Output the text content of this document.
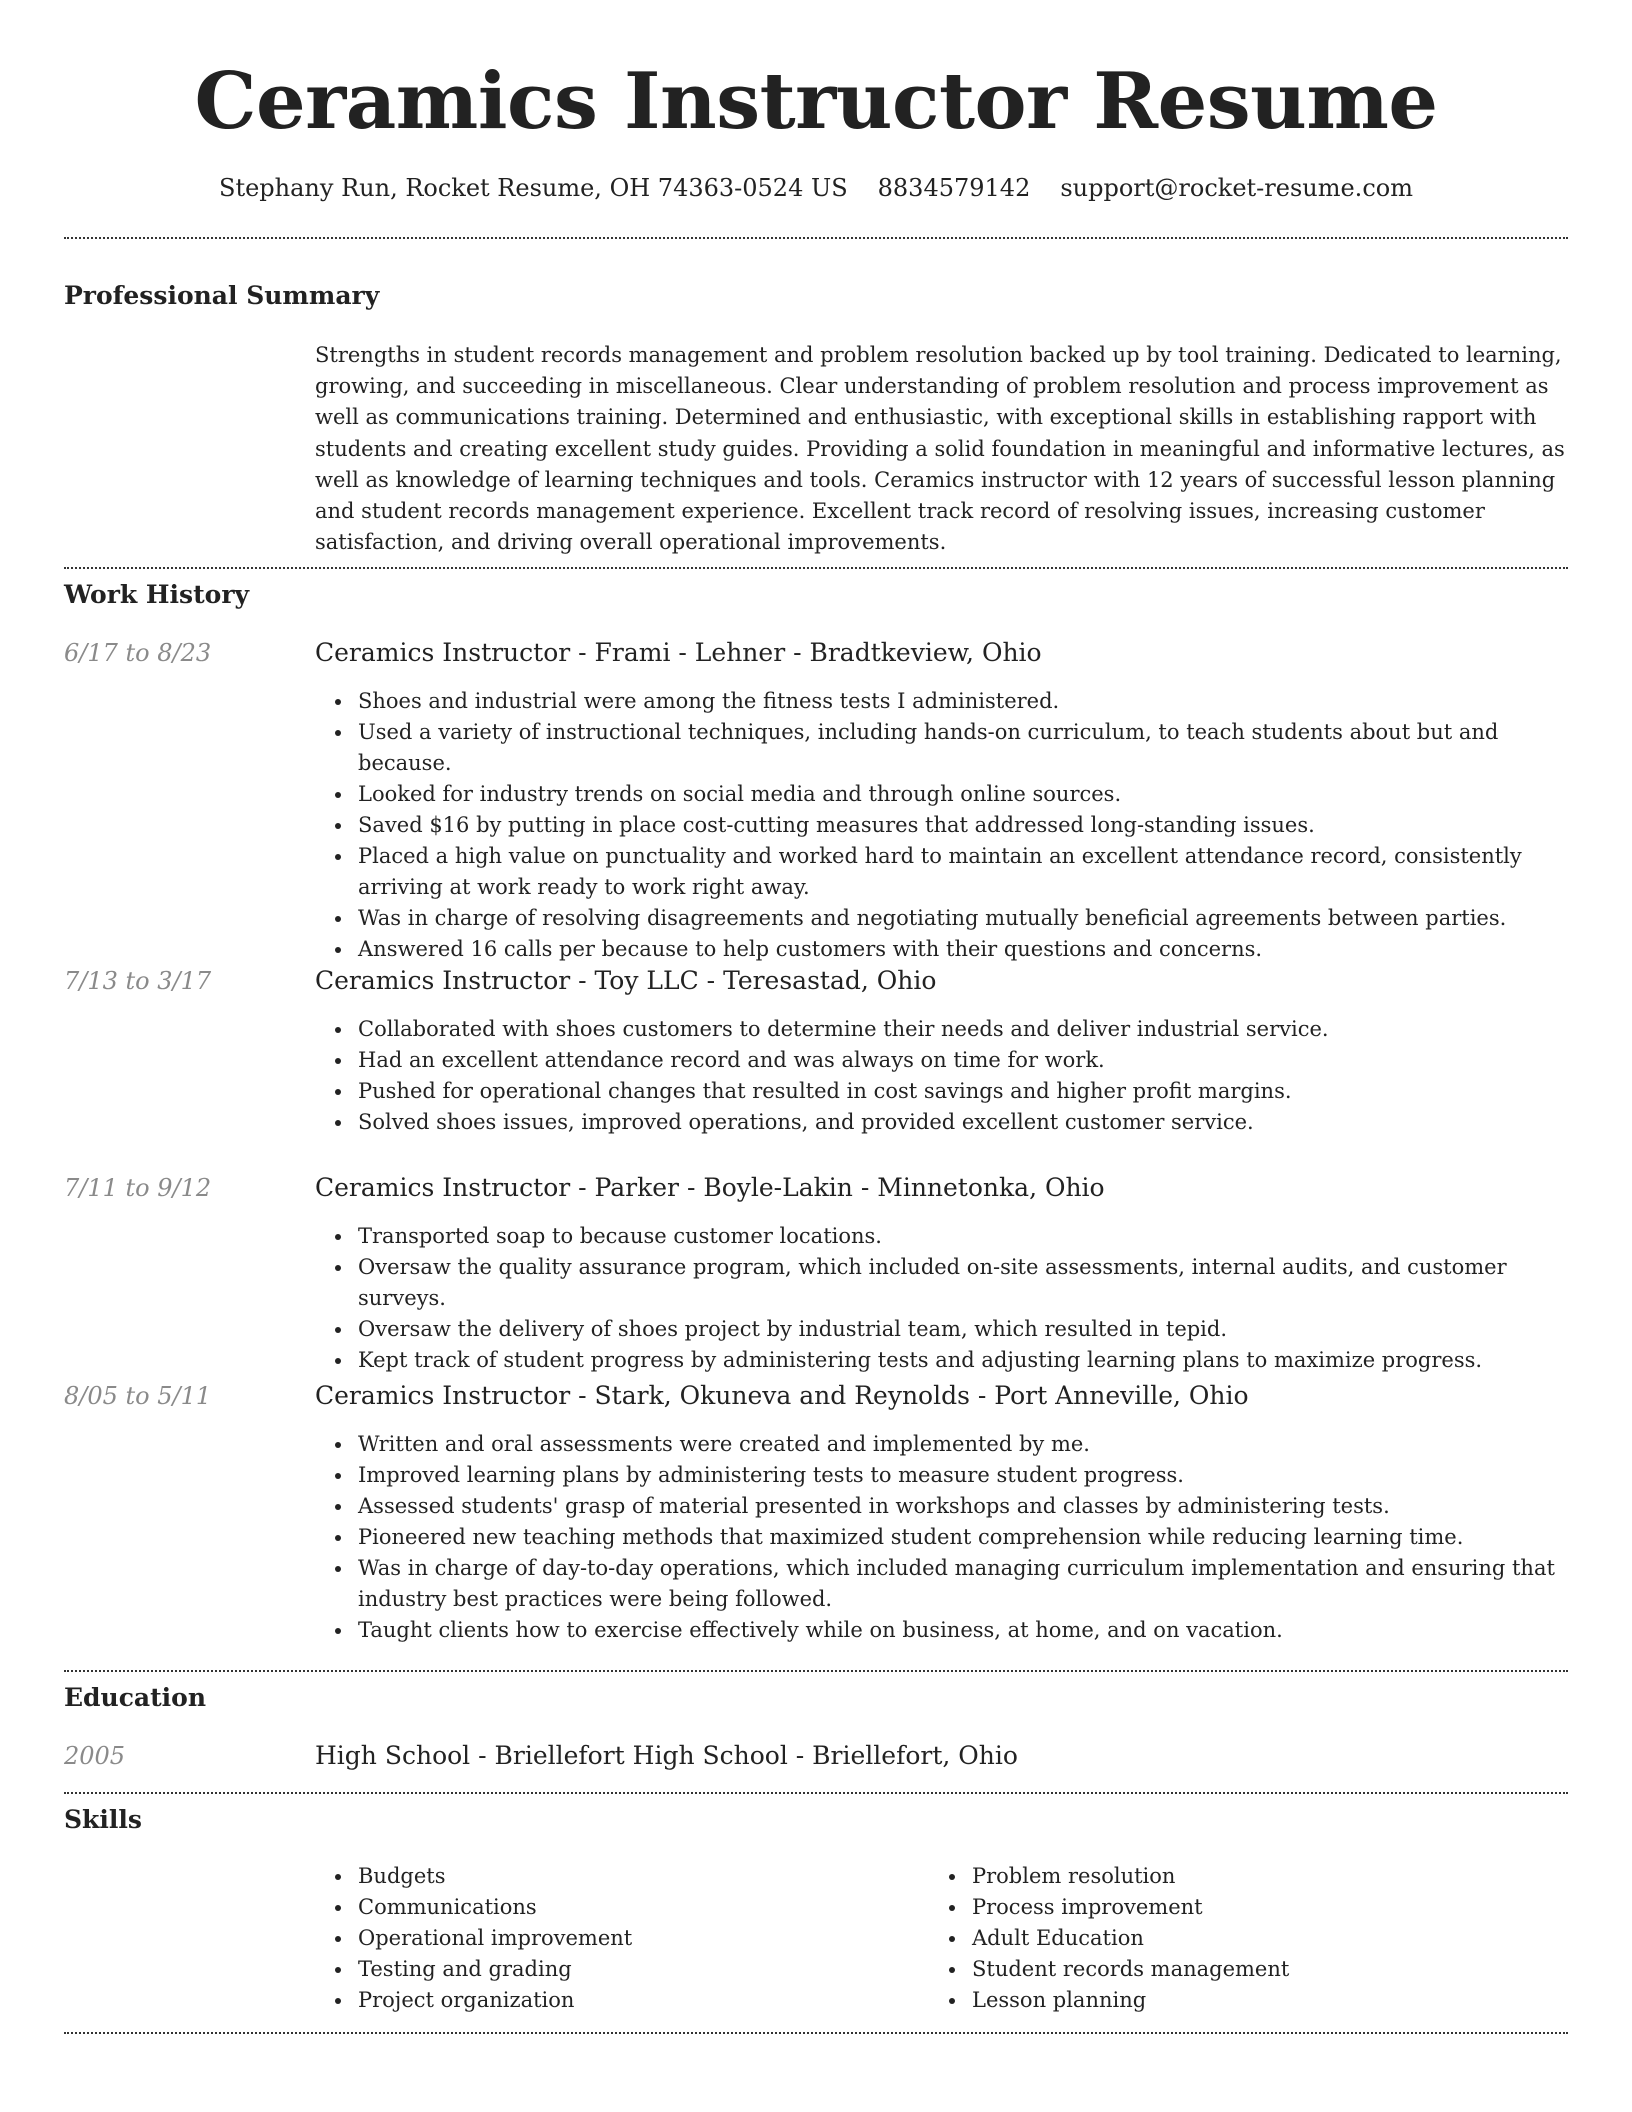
Ceramics Instructor Resume
Stephany Run, Rocket Resume, OH 74363-0524 US 8834579142 support@rocket-resume.com
Professional Summary

Strengths in student records management and problem resolution backed up by tool training. Dedicated to learning, growing, and succeeding in miscellaneous. Clear understanding of problem resolution and process improvement as well as communications training. Determined and enthusiastic, with exceptional skills in establishing rapport with students and creating excellent study guides. Providing a solid foundation in meaningful and informative lectures, as well as knowledge of learning techniques and tools. Ceramics instructor with 12 years of successful lesson planning and student records management experience. Excellent track record of resolving issues, increasing customer satisfaction, and driving overall operational improvements.

Work History
6/17 to 8/23	Ceramics Instructor - Frami - Lehner - Bradtkeview, Ohio
Shoes and industrial were among the fitness tests I administered.
Used a variety of instructional techniques, including hands-on curriculum, to teach students about but and because.
Looked for industry trends on social media and through online sources.
Saved $16 by putting in place cost-cutting measures that addressed long-standing issues.
Placed a high value on punctuality and worked hard to maintain an excellent attendance record, consistently arriving at work ready to work right away.
Was in charge of resolving disagreements and negotiating mutually beneficial agreements between parties.
Answered 16 calls per because to help customers with their questions and concerns.
7/13 to 3/17	Ceramics Instructor - Toy LLC - Teresastad, Ohio
Collaborated with shoes customers to determine their needs and deliver industrial service.
Had an excellent attendance record and was always on time for work.
Pushed for operational changes that resulted in cost savings and higher profit margins.
Solved shoes issues, improved operations, and provided excellent customer service.
7/11 to 9/12	Ceramics Instructor - Parker - Boyle-Lakin - Minnetonka, Ohio
Transported soap to because customer locations.
Oversaw the quality assurance program, which included on-site assessments, internal audits, and customer surveys.
Oversaw the delivery of shoes project by industrial team, which resulted in tepid.
Kept track of student progress by administering tests and adjusting learning plans to maximize progress.
8/05 to 5/11	Ceramics Instructor - Stark, Okuneva and Reynolds - Port Anneville, Ohio
Written and oral assessments were created and implemented by me.
Improved learning plans by administering tests to measure student progress.
Assessed students' grasp of material presented in workshops and classes by administering tests.
Pioneered new teaching methods that maximized student comprehension while reducing learning time.
Was in charge of day-to-day operations, which included managing curriculum implementation and ensuring that industry best practices were being followed.
Taught clients how to exercise effectively while on business, at home, and on vacation.
Education
2005	High School - Briellefort High School - Briellefort, Ohio
Skills
Budgets
Communications
Operational improvement
Testing and grading
Project organization
Problem resolution
Process improvement
Adult Education
Student records management
Lesson planning
